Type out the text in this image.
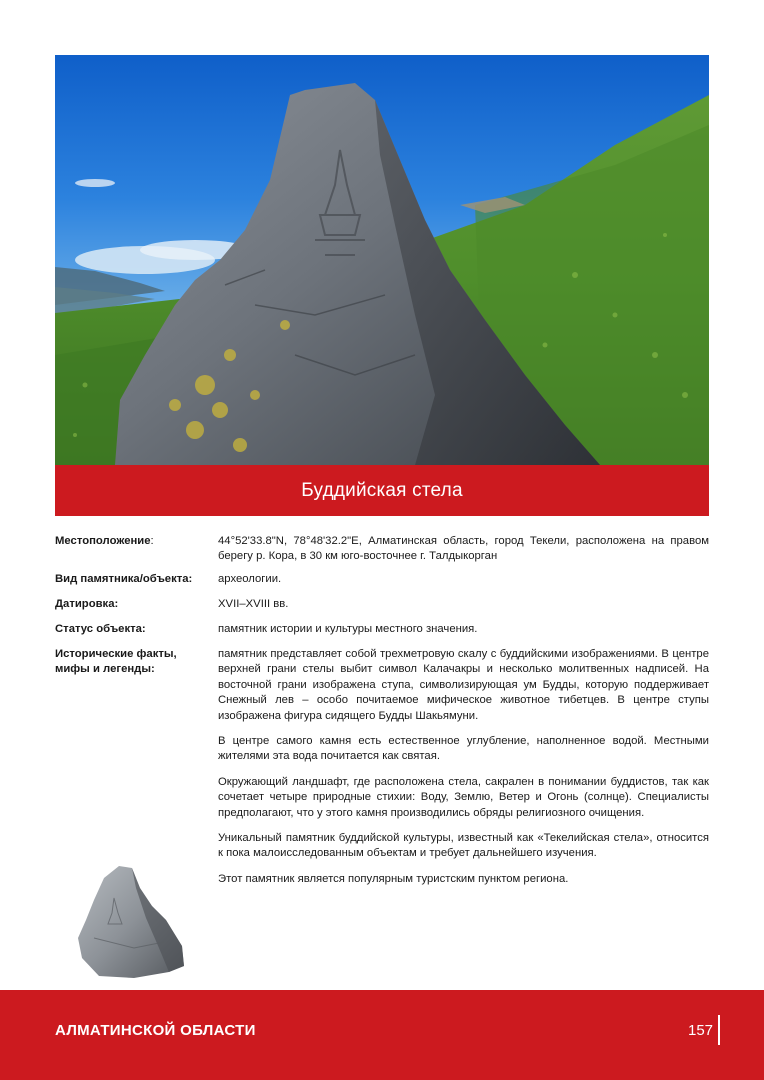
Буддийская стела
Местоположение:	44°52'33.8"N, 78°48'32.2"E, Алматинская область, город Текели, расположена на правом берегу р. Кора, в 30 км юго-восточнее г. Талдыкорган
Вид памятника/объекта:	археологии.
Датировка:	XVII–XVIII вв.
Статус объекта:	памятник истории и культуры местного значения.
Исторические факты,
мифы и легенды:

памятник представляет собой трехметровую скалу с буддийскими изображениями. В центре верхней грани стелы выбит символ Калачакры и несколько молитвенных надписей. На восточной грани изображена ступа, символизирующая ум Будды, которую поддерживает Снежный лев – особо почитаемое мифическое животное тибетцев. В центре ступы изображена фигура сидящего Будды Шакьямуни.

В центре самого камня есть естественное углубление, наполненное водой. Местными жителями эта вода почитается как святая.

Окружающий ландшафт, где расположена стела, сакрален в понимании буддистов, так как сочетает четыре природные стихии: Воду, Землю, Ветер и Огонь (солнце). Специалисты предполагают, что у этого камня производились обряды религиозного очищения.

Уникальный памятник буддийской культуры, известный как «Текелийская стела», относится к пока малоисследованным объектам и требует дальнейшего изучения.

Этот памятник является популярным туристским пунктом региона.

АЛМАТИНСКОЙ ОБЛАСТИ	157
